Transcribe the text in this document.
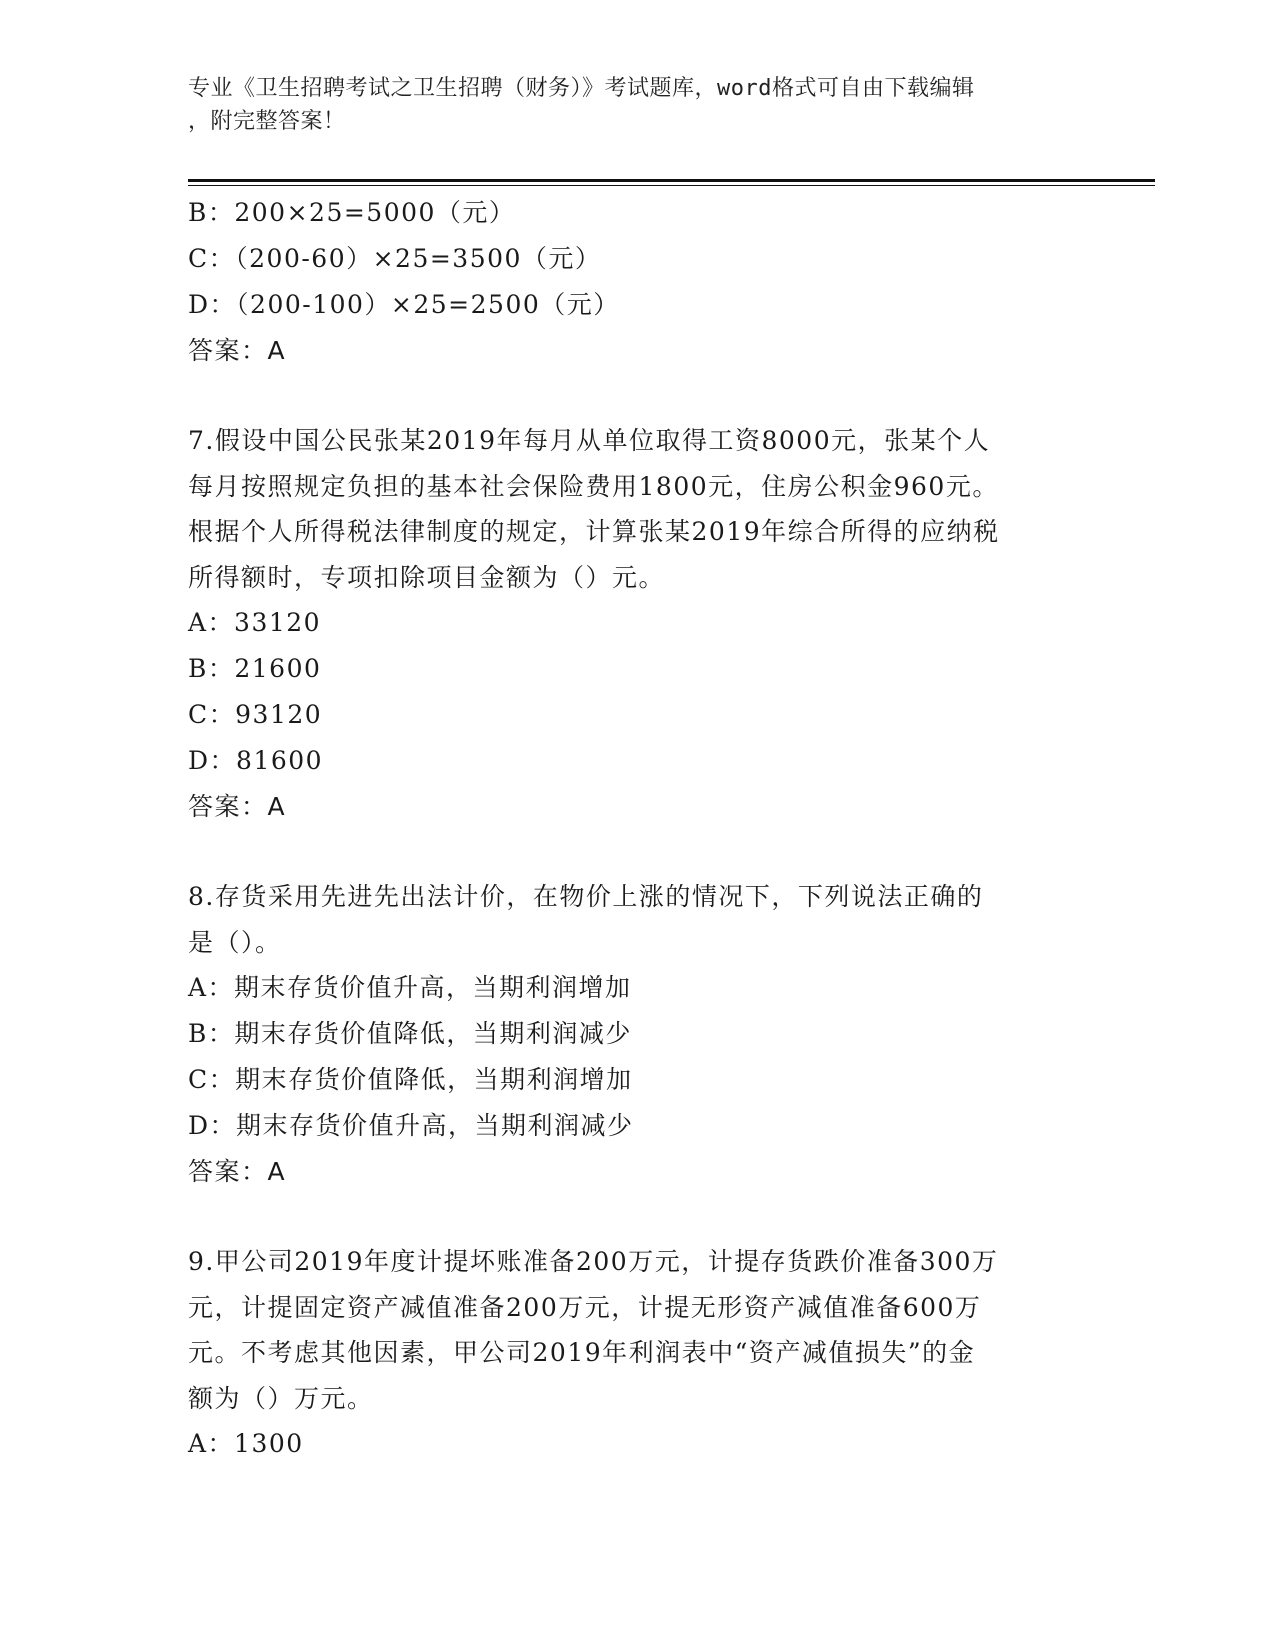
专业《卫生招聘考试之卫生招聘（财务）》考试题库，word格式可自由下载编辑
，附完整答案！
B：200×25=5000（元）
C：（200-60）×25=3500（元）
D：（200-100）×25=2500（元）
答案：A
7.假设中国公民张某2019年每月从单位取得工资8000元，张某个人
每月按照规定负担的基本社会保险费用1800元，住房公积金960元。
根据个人所得税法律制度的规定，计算张某2019年综合所得的应纳税
所得额时，专项扣除项目金额为（）元。
A：33120
B：21600
C：93120
D：81600
答案：A
8.存货采用先进先出法计价，在物价上涨的情况下，下列说法正确的
是（）。
A：期末存货价值升高，当期利润增加
B：期末存货价值降低，当期利润减少
C：期末存货价值降低，当期利润增加
D：期末存货价值升高，当期利润减少
答案：A
9.甲公司2019年度计提坏账准备200万元，计提存货跌价准备300万
元，计提固定资产减值准备200万元，计提无形资产减值准备600万
元。不考虑其他因素，甲公司2019年利润表中“资产减值损失”的金
额为（）万元。
A：1300
